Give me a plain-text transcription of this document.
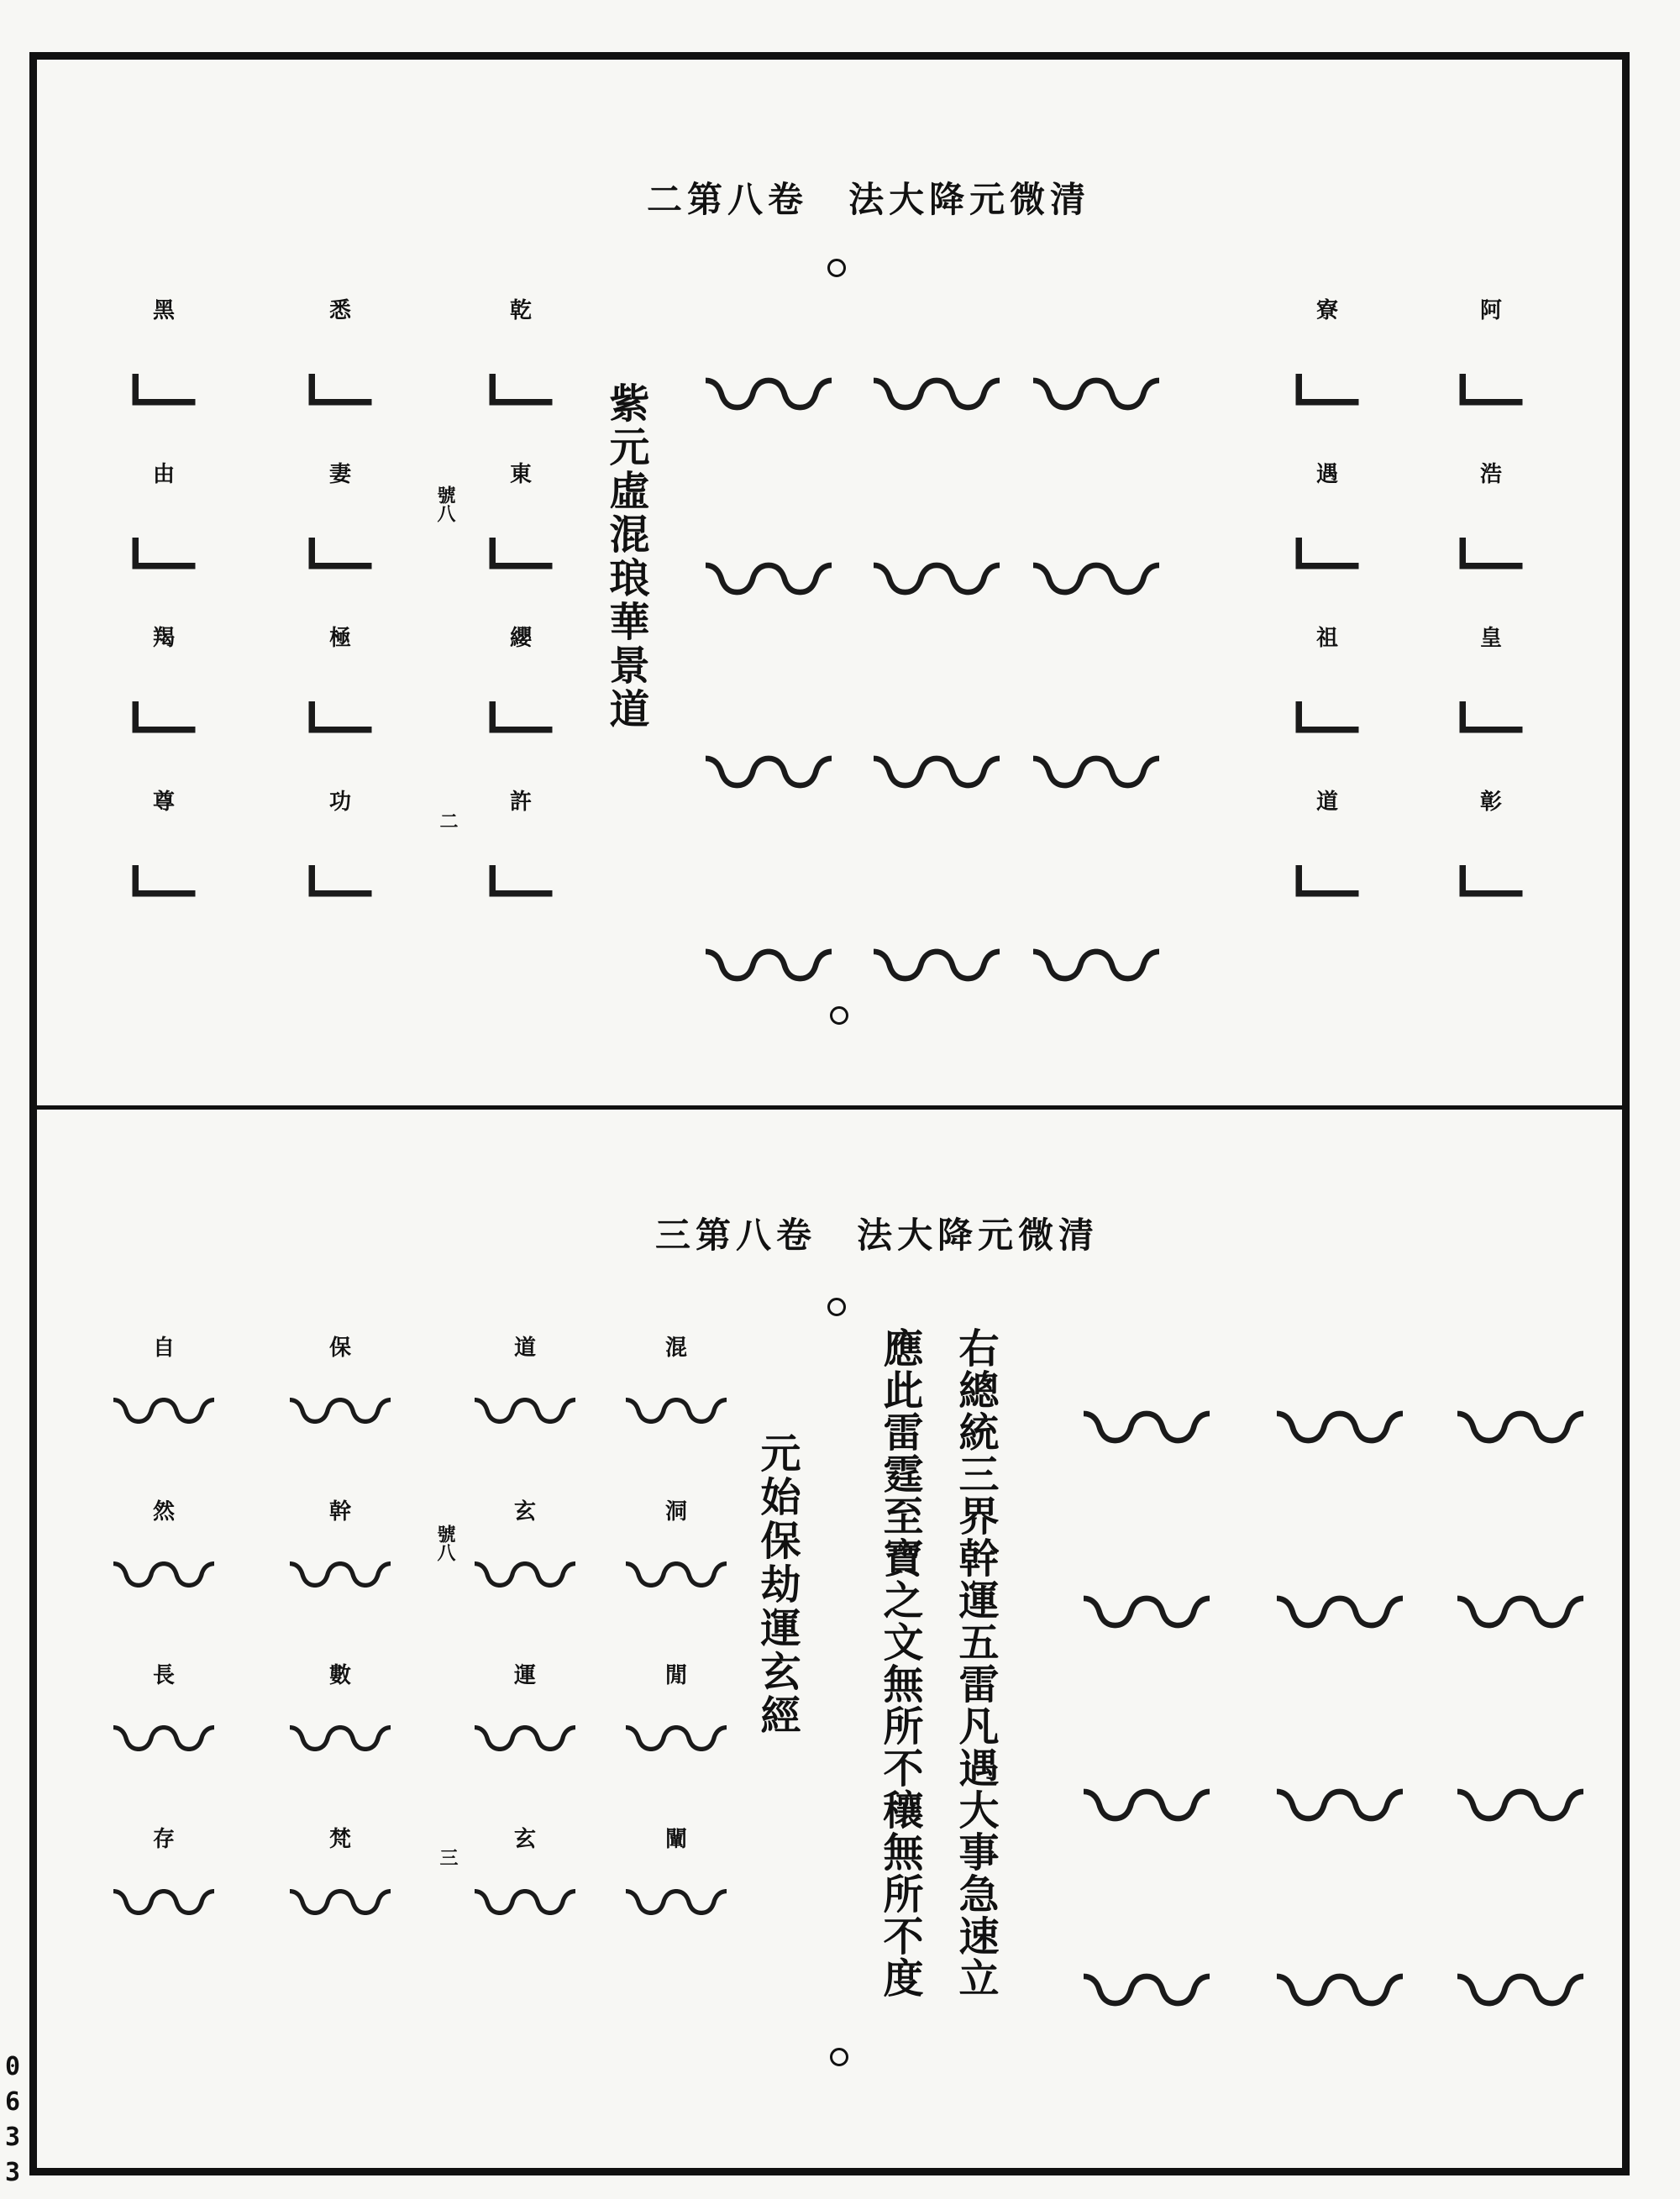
二第八卷　 法大降元微清
紫元虛混琅華景道
號八
二
阿
𖿢
浩
𖿢
皇
𖿢
彰
𖿢
寮
𖿢
遇
𖿢
祖
𖿢
道
𖿢
〰
〰
〰
〰
〰
〰
〰
〰
〰
〰
〰
〰
乾
𖿢
東
𖿢
纓
𖿢
許
𖿢
悉
𖿢
妻
𖿢
極
𖿢
功
𖿢
黑
𖿢
由
𖿢
羯
𖿢
尊
𖿢
三第八卷　 法大降元微清
右總統三界幹運五雷凡遇大事急速立
應此雷霆至寶之文無所不穰無所不度
元始保劫運玄經
號八
三
〰
〰
〰
〰
〰
〰
〰
〰
〰
〰
〰
〰
混
〰
洞
〰
閒
〰
闡
〰
道
〰
玄
〰
運
〰
玄
〰
保
〰
幹
〰
數
〰
梵
〰
自
〰
然
〰
長
〰
存
〰
0
6
3
3
